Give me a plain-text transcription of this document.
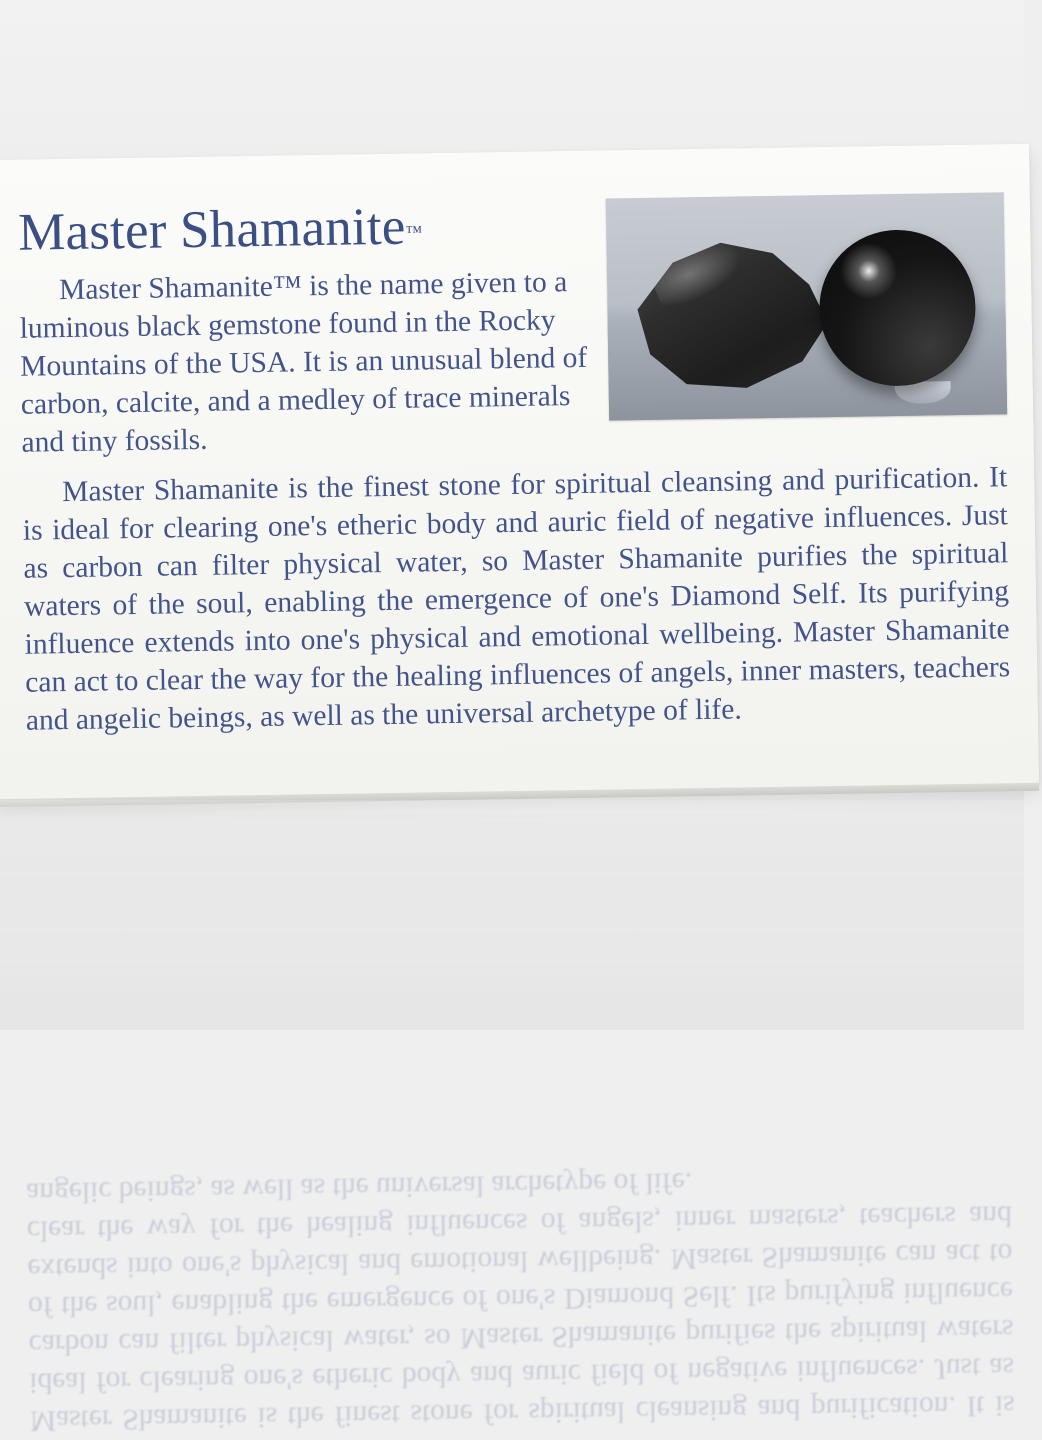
Master Shamanite™

Master Shamanite™ is the name given to a luminous black gemstone found in the Rocky Mountains of the USA. It is an unusual blend of carbon, calcite, and a medley of trace minerals and tiny fossils.

Master Shamanite is the finest stone for spiritual cleansing and purification. It is ideal for clearing one's etheric body and auric field of negative influences. Just as carbon can filter physical water, so Master Shamanite purifies the spiritual waters of the soul, enabling the emergence of one's Diamond Self. Its purifying influence extends into one's physical and emotional wellbeing. Master Shamanite can act to clear the way for the healing influences of angels, inner masters, teachers and angelic beings, as well as the universal archetype of life.

Master Shamanite is the finest stone for spiritual cleansing and purification. It is ideal for clearing one's etheric body and auric field of negative influences. Just as carbon can filter physical water, so Master Shamanite purifies the spiritual waters of the soul, enabling the emergence of one's Diamond Self. Its purifying influence extends into one's physical and emotional wellbeing. Master Shamanite can act to clear the way for the healing influences of angels, inner masters, teachers and angelic beings, as well as the universal archetype of life.
